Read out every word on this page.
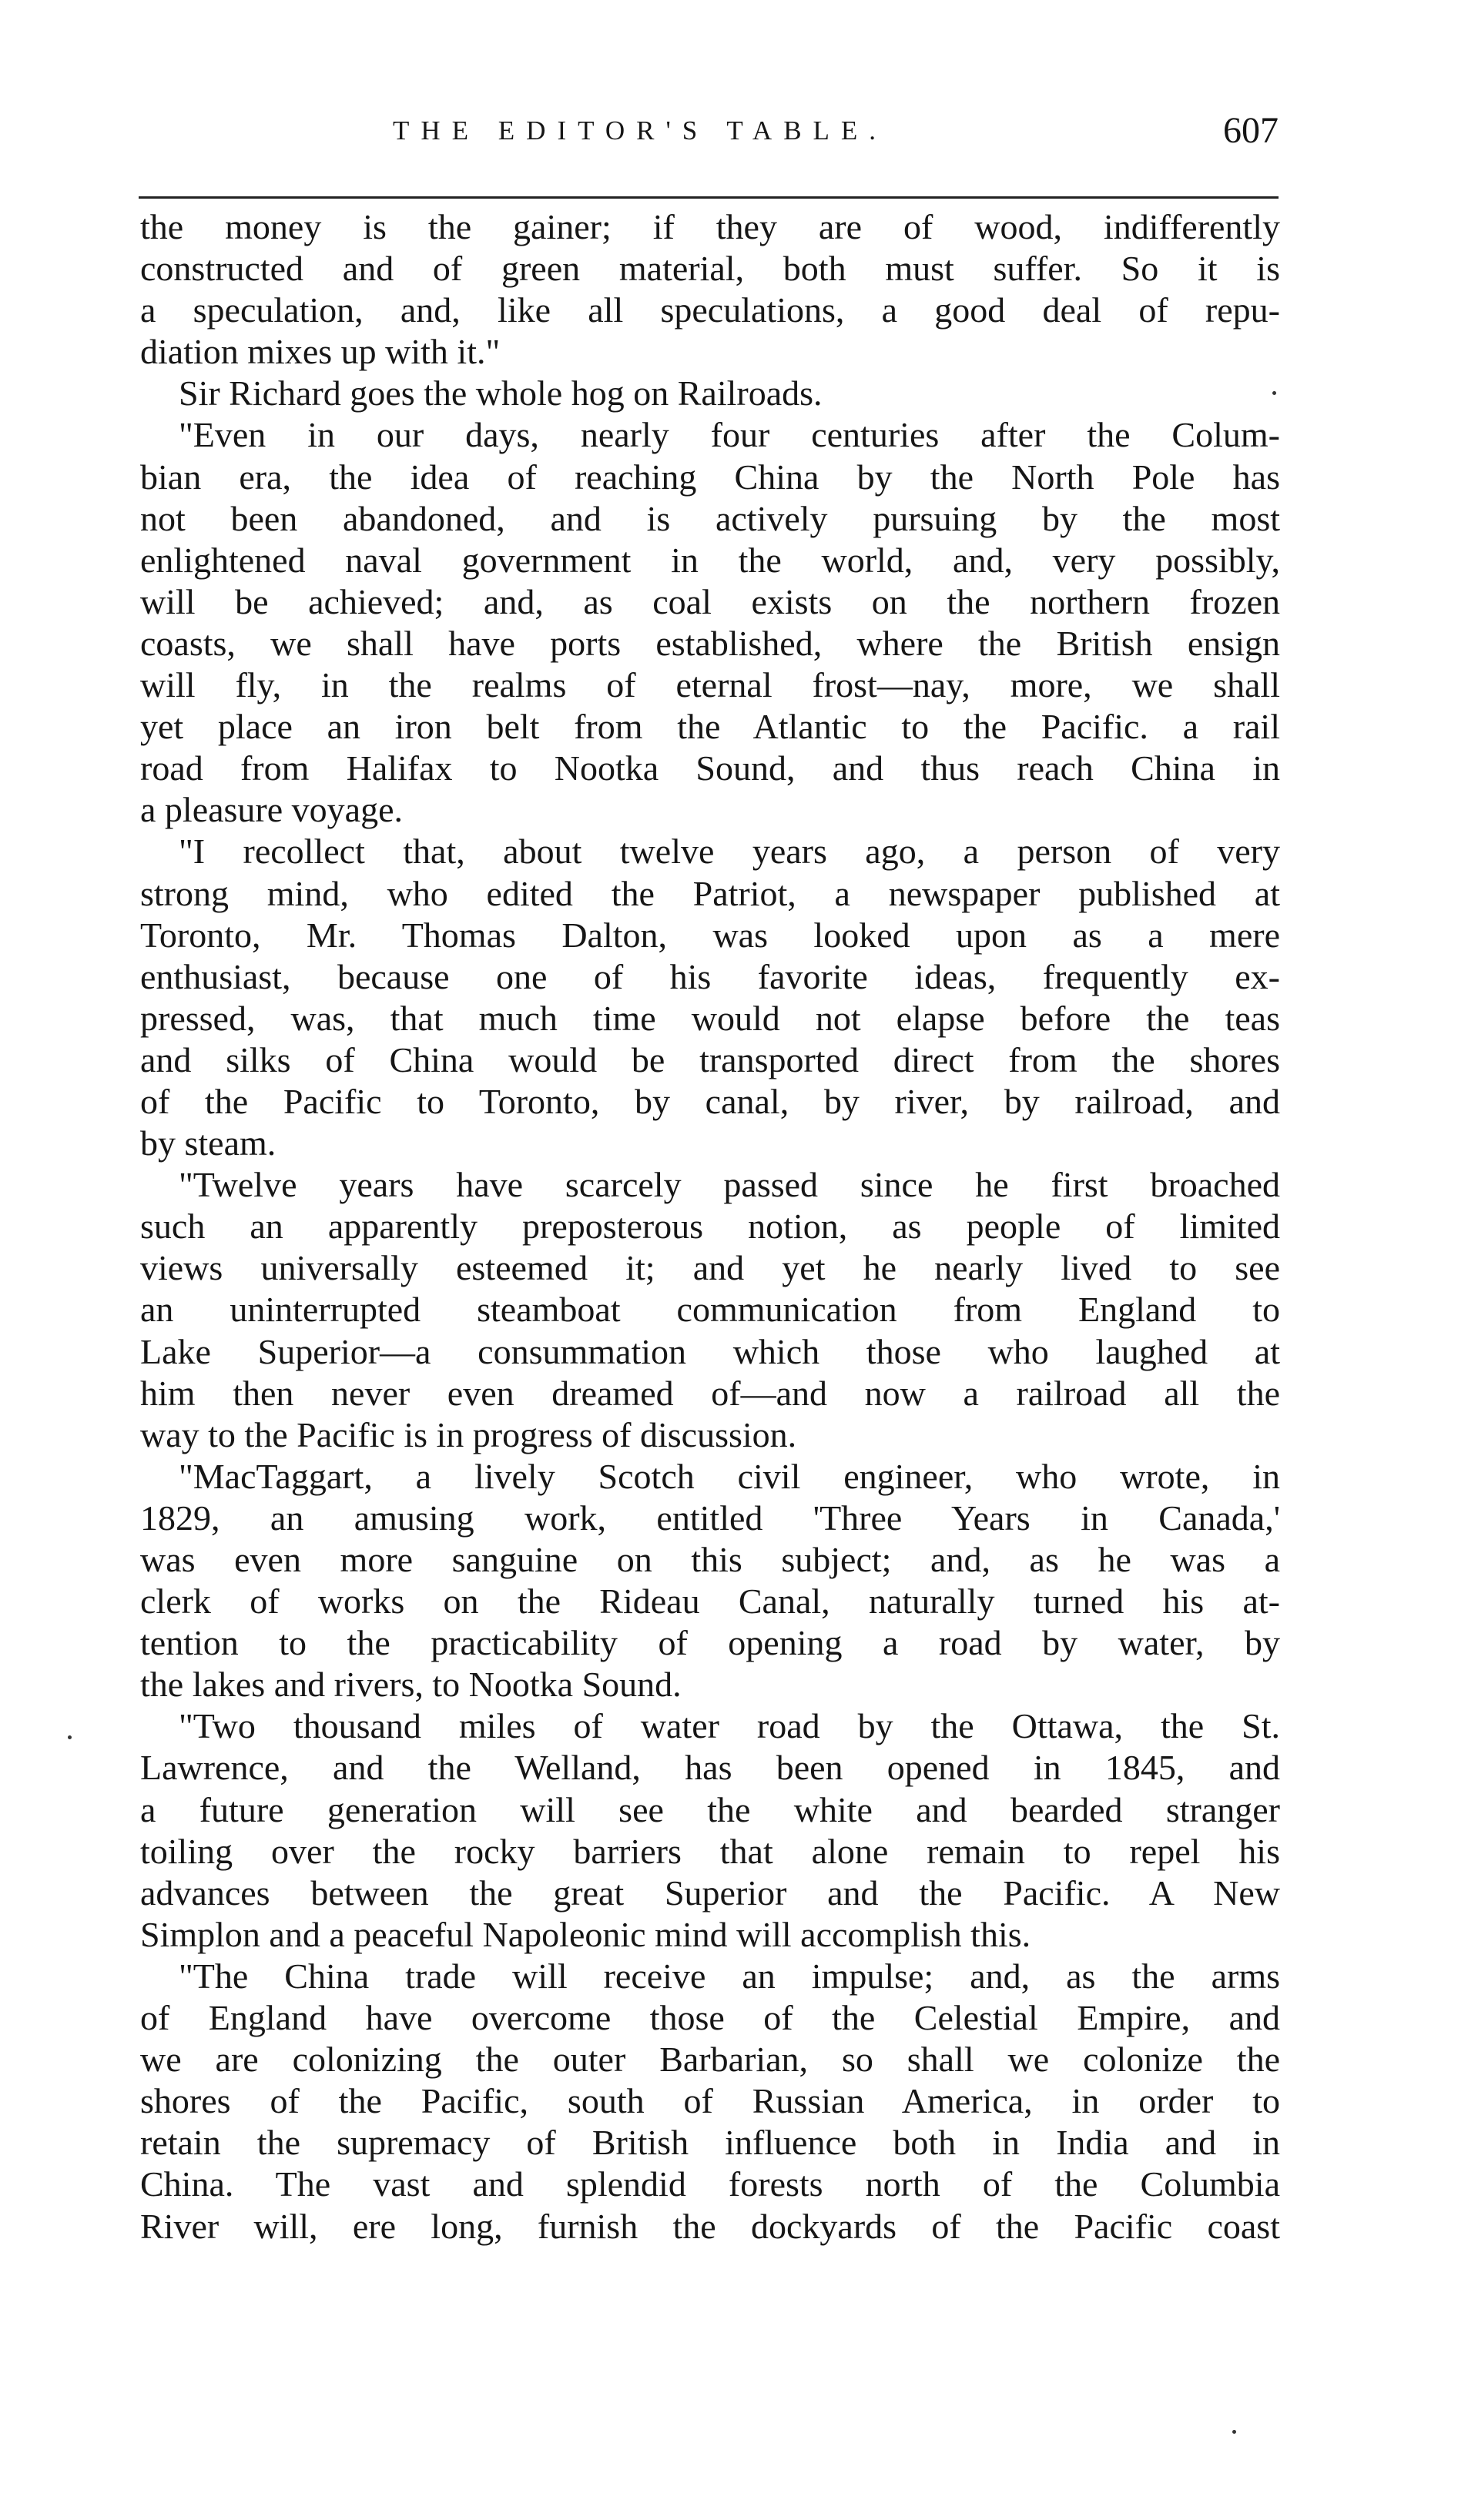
THE EDITOR'S TABLE.	607
the money is the gainer; if they are of wood, indifferently
constructed and of green material, both must suffer. So it is
a speculation, and, like all speculations, a good deal of repu-
diation mixes up with it."
Sir Richard goes the whole hog on Railroads.
"Even in our days, nearly four centuries after the Colum-
bian era, the idea of reaching China by the North Pole has
not been abandoned, and is actively pursuing by the most
enlightened naval government in the world, and, very possibly,
will be achieved; and, as coal exists on the northern frozen
coasts, we shall have ports established, where the British ensign
will fly, in the realms of eternal frost—nay, more, we shall
yet place an iron belt from the Atlantic to the Pacific. a rail
road from Halifax to Nootka Sound, and thus reach China in
a pleasure voyage.
"I recollect that, about twelve years ago, a person of very
strong mind, who edited the Patriot, a newspaper published at
Toronto, Mr. Thomas Dalton, was looked upon as a mere
enthusiast, because one of his favorite ideas, frequently ex-
pressed, was, that much time would not elapse before the teas
and silks of China would be transported direct from the shores
of the Pacific to Toronto, by canal, by river, by railroad, and
by steam.
"Twelve years have scarcely passed since he first broached
such an apparently preposterous notion, as people of limited
views universally esteemed it; and yet he nearly lived to see
an uninterrupted steamboat communication from England to
Lake Superior—a consummation which those who laughed at
him then never even dreamed of—and now a railroad all the
way to the Pacific is in progress of discussion.
"MacTaggart, a lively Scotch civil engineer, who wrote, in
1829, an amusing work, entitled 'Three Years in Canada,'
was even more sanguine on this subject; and, as he was a
clerk of works on the Rideau Canal, naturally turned his at-
tention to the practicability of opening a road by water, by
the lakes and rivers, to Nootka Sound.
"Two thousand miles of water road by the Ottawa, the St.
Lawrence, and the Welland, has been opened in 1845, and
a future generation will see the white and bearded stranger
toiling over the rocky barriers that alone remain to repel his
advances between the great Superior and the Pacific. A New
Simplon and a peaceful Napoleonic mind will accomplish this.
"The China trade will receive an impulse; and, as the arms
of England have overcome those of the Celestial Empire, and
we are colonizing the outer Barbarian, so shall we colonize the
shores of the Pacific, south of Russian America, in order to
retain the supremacy of British influence both in India and in
China. The vast and splendid forests north of the Columbia
River will, ere long, furnish the dockyards of the Pacific coast
